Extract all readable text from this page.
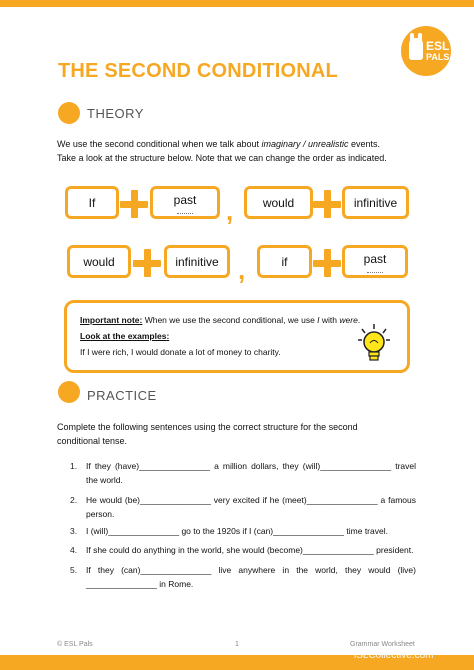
ESL
PALS
THE SECOND CONDITIONAL
THEORY
We use the second conditional when we talk about imaginary / unrealistic events. Take a look at the structure below. Note that we can change the order as indicated.
If	past , would	infinitive
would	infinitive ,	if	past
Important note: When we use the second conditional, we use I with were.
Look at the examples:
If I were rich, I would donate a lot of money to charity.
PRACTICE
Complete the following sentences using the correct structure for the second conditional tense.
1.	If they (have)_______________ a million dollars, they (will)_______________ travel the world.
2.	He would (be)_______________ very excited if he (meet)_______________ a famous person.
3.	I (will)_______________ go to the 1920s if I (can)_______________ time travel.
4.	If she could do anything in the world, she would (become)_______________ president.
5.	If they (can)_______________ live anywhere in the world, they would (live) _______________ in Rome.
© ESL Pals	1	Grammar Worksheet
iSLCollective.com
